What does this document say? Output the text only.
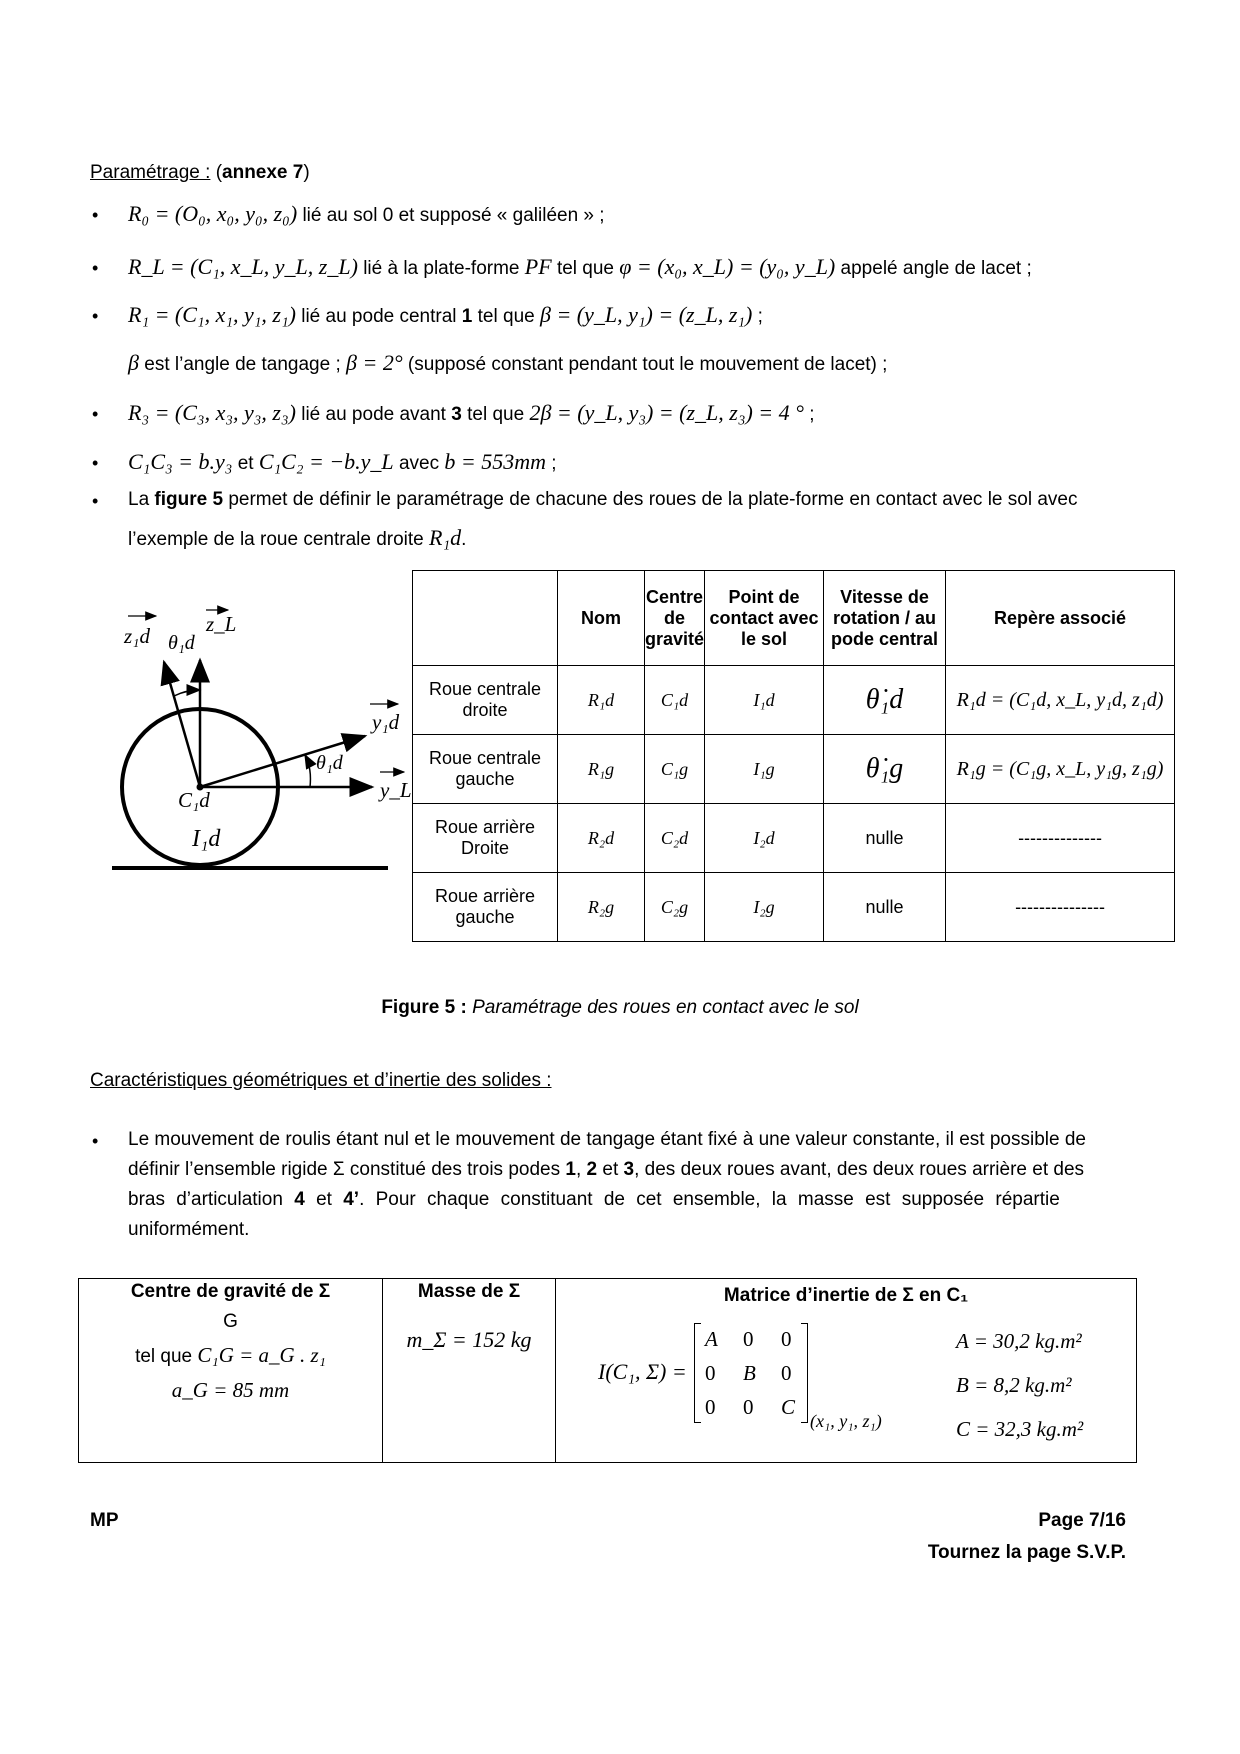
Paramétrage : (annexe 7)
• R₀ = (O₀, x₀, y₀, z₀) lié au sol 0 et supposé « galiléen » ;
• R_L = (C₁, x_L, y_L, z_L) lié à la plate-forme PF tel que φ = (x₀, x_L) = (y₀, y_L) appelé angle de lacet ;
• R₁ = (C₁, x₁, y₁, z₁) lié au pode central 1 tel que β = (y_L, y₁) = (z_L, z₁) ;
β est l’angle de tangage ; β = 2° (supposé constant pendant tout le mouvement de lacet) ;
• R₃ = (C₃, x₃, y₃, z₃) lié au pode avant 3 tel que 2β = (y_L, y₃) = (z_L, z₃) = 4 ° ;
• C₁C₃ = b.y₃ et C₁C₂ = −b.y_L avec b = 553mm ;
• La figure 5 permet de définir le paramétrage de chacune des roues de la plate-forme en contact avec le sol avec
l’exemple de la roue centrale droite R₁d.
z₁d θ₁d
z_L
y₁d
θ₁d
y_L
C₁d
I₁d
	Nom	Centre de gravité	Point de contact avec le sol	Vitesse de rotation / au pode central	Repère associé
Roue centrale droite	R₁d	C₁d	I₁d	θ̇₁d	R₁d = (C₁d, x_L, y₁d, z₁d)
Roue centrale gauche	R₁g	C₁g	I₁g	θ̇₁g	R₁g = (C₁g, x_L, y₁g, z₁g)
Roue arrière Droite	R₂d	C₂d	I₂d	nulle	--------------
Roue arrière gauche	R₂g	C₂g	I₂g	nulle	---------------
Figure 5 : Paramétrage des roues en contact avec le sol
Caractéristiques géométriques et d’inertie des solides :
• Le mouvement de roulis étant nul et le mouvement de tangage étant fixé à une valeur constante, il est possible de
définir l’ensemble rigide Σ constitué des trois podes 1, 2 et 3, des deux roues avant, des deux roues arrière et des
bras d’articulation 4 et 4’. Pour chaque constituant de cet ensemble, la masse est supposée répartie
uniformément.
Centre de gravité de Σ
G
tel que C₁G = a_G . z₁
a_G = 85 mm

Masse de Σ
m_Σ = 152 kg

Matrice d’inertie de Σ en C₁
I(C₁, Σ) =
A 0 0
0 B 0
0 0 C
(x₁, y₁, z₁)
A = 30,2 kg.m²
B = 8,2 kg.m²
C = 32,3 kg.m²
MP	Page 7/16
Tournez la page S.V.P.
